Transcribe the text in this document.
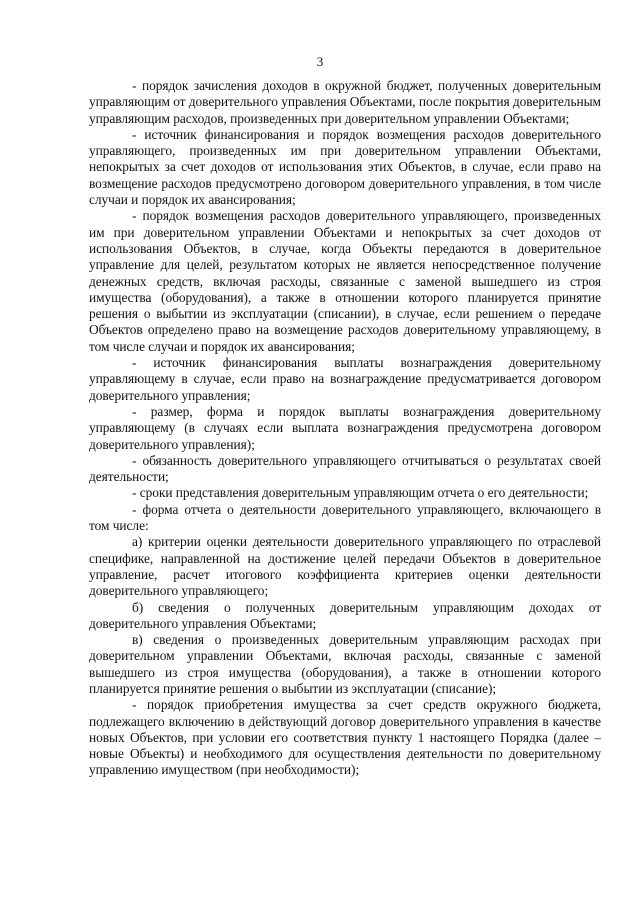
3

- порядок зачисления доходов в окружной бюджет, полученных доверительным управляющим от доверительного управления Объектами, после покрытия доверительным управляющим расходов, произведенных при доверительном управлении Объектами;

- источник финансирования и порядок возмещения расходов доверительного управляющего, произведенных им при доверительном управлении Объектами, непокрытых за счет доходов от использования этих Объектов, в случае, если право на возмещение расходов предусмотрено договором доверительного управления, в том числе случаи и порядок их авансирования;

- порядок возмещения расходов доверительного управляющего, произведенных им при доверительном управлении Объектами и непокрытых за счет доходов от использования Объектов, в случае, когда Объекты передаются в доверительное управление для целей, результатом которых не является непосредственное получение денежных средств, включая расходы, связанные с заменой вышедшего из строя имущества (оборудования), а также в отношении которого планируется принятие решения о выбытии из эксплуатации (списании), в случае, если решением о передаче Объектов определено право на возмещение расходов доверительному управляющему, в том числе случаи и порядок их авансирования;

- источник финансирования выплаты вознаграждения доверительному управляющему в случае, если право на вознаграждение предусматривается договором доверительного управления;

- размер, форма и порядок выплаты вознаграждения доверительному управляющему (в случаях если выплата вознаграждения предусмотрена договором доверительного управления);

- обязанность доверительного управляющего отчитываться о результатах своей деятельности;

- сроки представления доверительным управляющим отчета о его деятельности;

- форма отчета о деятельности доверительного управляющего, включающего в том числе:

а) критерии оценки деятельности доверительного управляющего по отраслевой специфике, направленной на достижение целей передачи Объектов в доверительное управление, расчет итогового коэффициента критериев оценки деятельности доверительного управляющего;

б) сведения о полученных доверительным управляющим доходах от доверительного управления Объектами;

в) сведения о произведенных доверительным управляющим расходах при доверительном управлении Объектами, включая расходы, связанные с заменой вышедшего из строя имущества (оборудования), а также в отношении которого планируется принятие решения о выбытии из эксплуатации (списание);

- порядок приобретения имущества за счет средств окружного бюджета, подлежащего включению в действующий договор доверительного управления в качестве новых Объектов, при условии его соответствия пункту 1 настоящего Порядка (далее – новые Объекты) и необходимого для осуществления деятельности по доверительному управлению имуществом (при необходимости);
